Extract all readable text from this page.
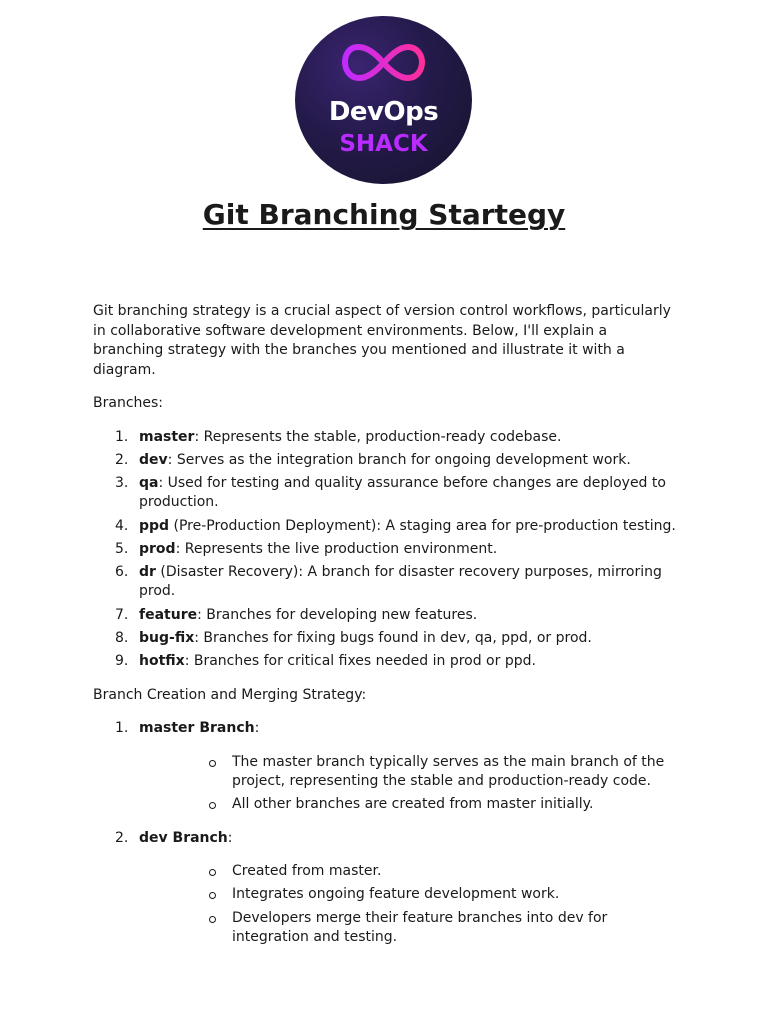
DevOps
SHACK
Git Branching Startegy

Git branching strategy is a crucial aspect of version control workflows, particularly in collaborative software development environments. Below, I'll explain a branching strategy with the branches you mentioned and illustrate it with a diagram.

Branches:

1. master: Represents the stable, production-ready codebase.
2. dev: Serves as the integration branch for ongoing development work.
3. qa: Used for testing and quality assurance before changes are deployed to production.
4. ppd (Pre-Production Deployment): A staging area for pre-production testing.
5. prod: Represents the live production environment.
6. dr (Disaster Recovery): A branch for disaster recovery purposes, mirroring prod.
7. feature: Branches for developing new features.
8. bug-fix: Branches for fixing bugs found in dev, qa, ppd, or prod.
9. hotfix: Branches for critical fixes needed in prod or ppd.

Branch Creation and Merging Strategy:

1. master Branch:
The master branch typically serves as the main branch of the project, representing the stable and production-ready code.
All other branches are created from master initially.
2. dev Branch:
Created from master.
Integrates ongoing feature development work.
Developers merge their feature branches into dev for integration and testing.
